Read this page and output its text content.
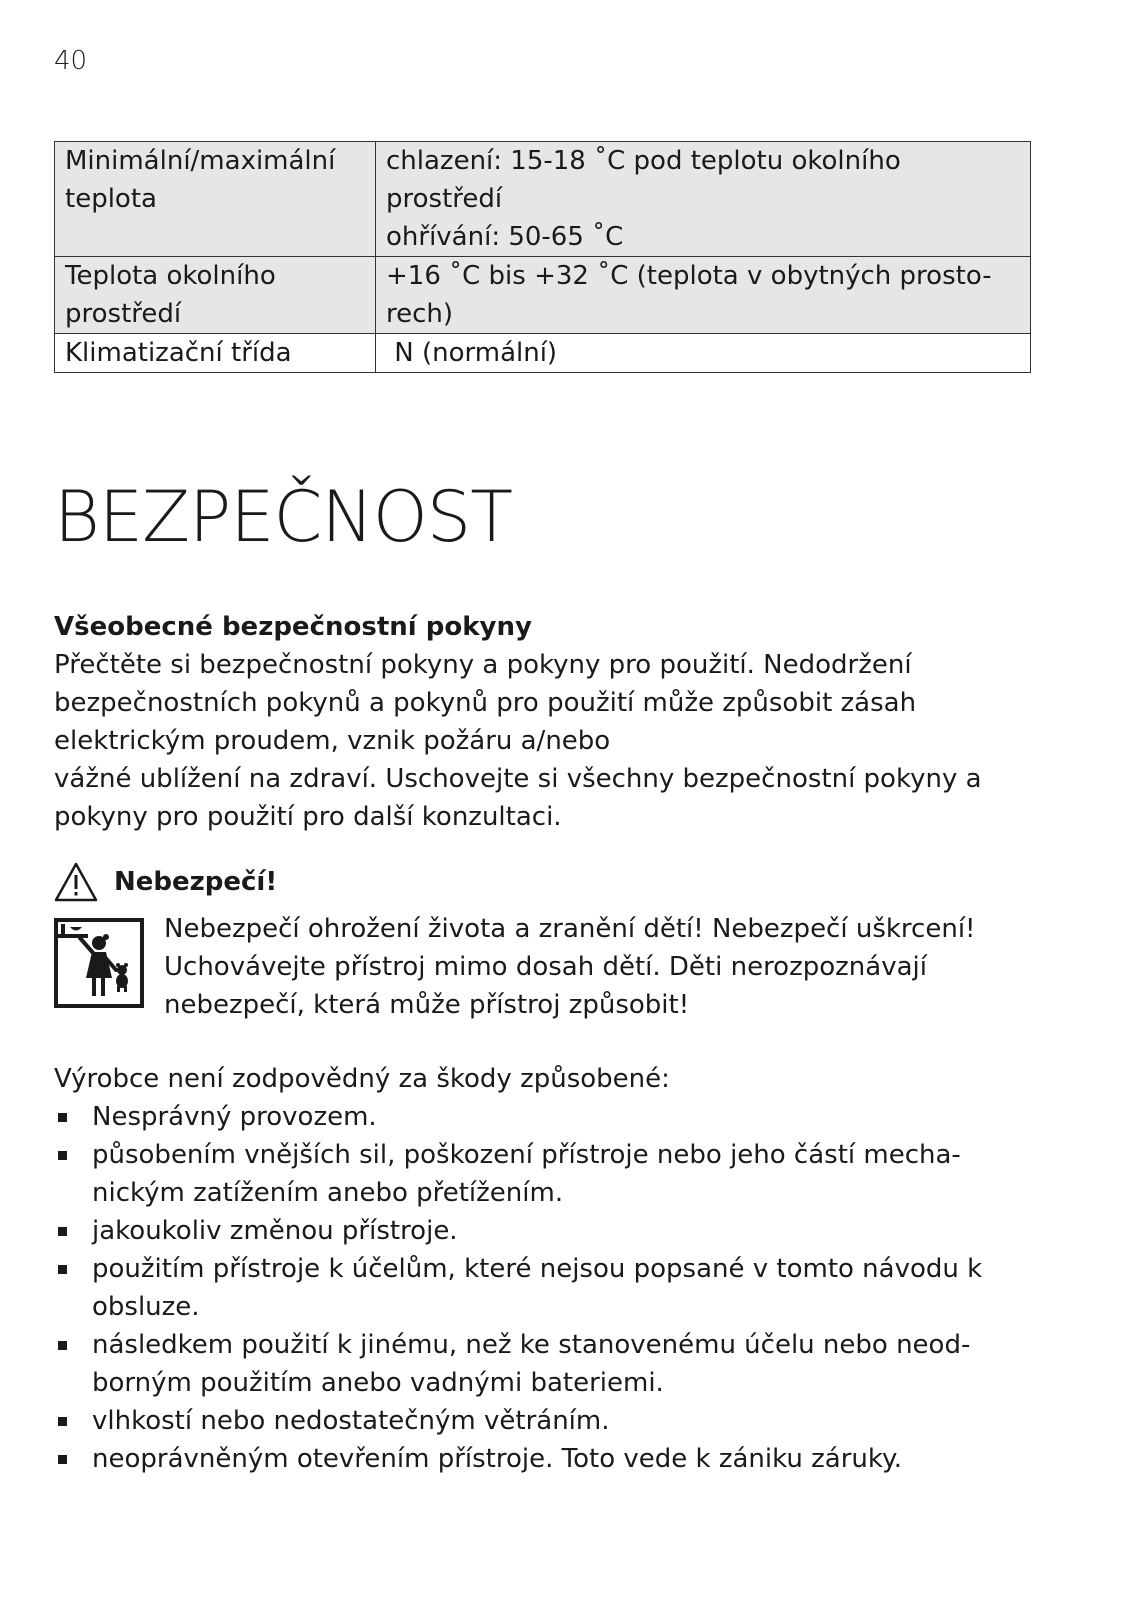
40
Minimální/maximální
teplota	chlazení: 15-18 ˚C pod teplotu okolního
prostředí
ohřívání: 50-65 ˚C
Teplota okolního
prostředí	+16 ˚C bis +32 ˚C (teplota v obytných prosto-
rech)
Klimatizační třída	N (normální)
BEZPEČNOST

Všeobecné bezpečnostní pokyny

Přečtěte si bezpečnostní pokyny a pokyny pro použití. Nedodržení
bezpečnostních pokynů a pokynů pro použití může způsobit zásah
elektrickým proudem, vznik požáru a/nebo
vážné ublížení na zdraví. Uschovejte si všechny bezpečnostní pokyny a
pokyny pro použití pro další konzultaci.

Nebezpečí!

Nebezpečí ohrožení života a zranění dětí! Nebezpečí uškrcení!
Uchovávejte přístroj mimo dosah dětí. Děti nerozpoznávají
nebezpečí, která může přístroj způsobit!

Výrobce není zodpovědný za škody způsobené:

Nesprávný provozem.
působením vnějších sil, poškození přístroje nebo jeho částí mecha-
nickým zatížením anebo přetížením.
jakoukoliv změnou přístroje.
použitím přístroje k účelům, které nejsou popsané v tomto návodu k
obsluze.
následkem použití k jinému, než ke stanovenému účelu nebo neod-
borným použitím anebo vadnými bateriemi.
vlhkostí nebo nedostatečným větráním.
neoprávněným otevřením přístroje. Toto vede k zániku záruky.
